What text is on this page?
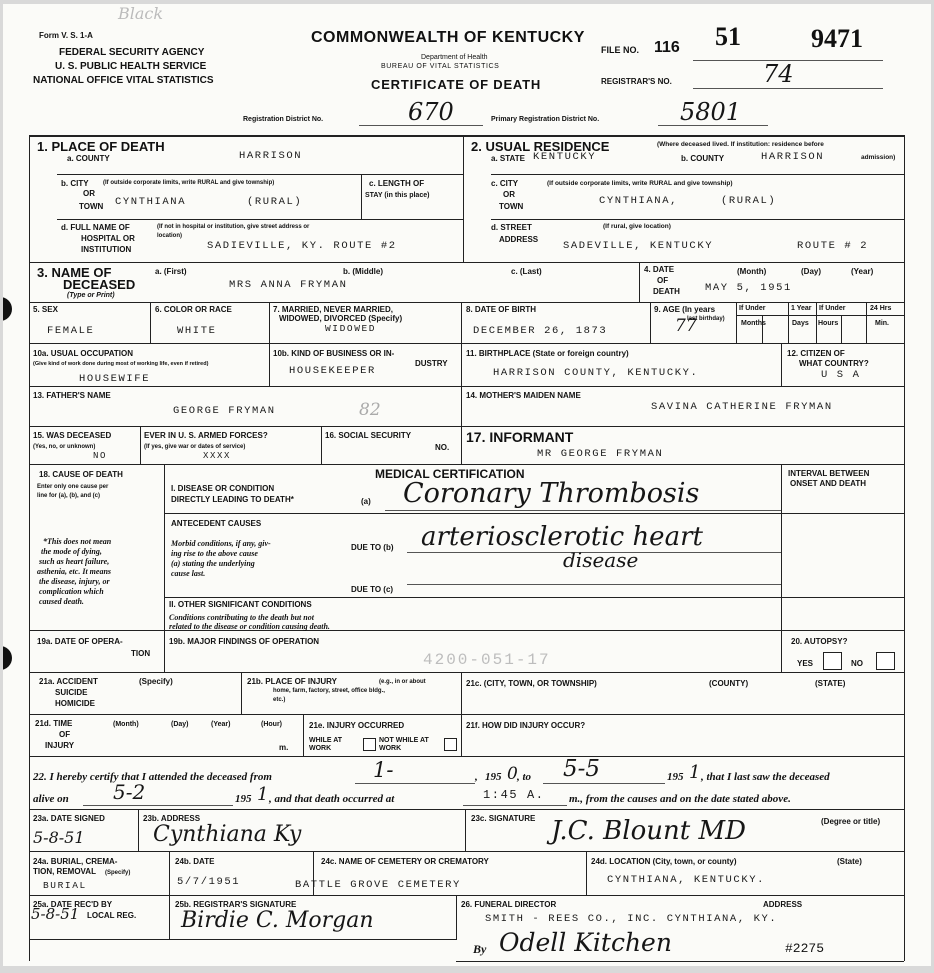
Black
Form V. S. 1-A
FEDERAL SECURITY AGENCY
U. S. PUBLIC HEALTH SERVICE
NATIONAL OFFICE VITAL STATISTICS
COMMONWEALTH OF KENTUCKY
Department of Health
BUREAU OF VITAL STATISTICS
CERTIFICATE OF DEATH
FILE NO. 116 51	9471
REGISTRAR'S NO.	74
Registration District No.	670	Primary Registration District No.	5801
1. PLACE OF DEATH
a. COUNTY	HARRISON
b. CITY
OR
TOWN
(If outside corporate limits, write RURAL and give township)
CYNTHIANA	(RURAL)
c. LENGTH OF
STAY (in this place)
d. FULL NAME OF
HOSPITAL OR
INSTITUTION
(If not in hospital or institution, give street address or
location)
SADIEVILLE, KY. ROUTE #2
2. USUAL RESIDENCE	(Where deceased lived. If institution: residence before
admission)
a. STATE KENTUCKY	b. COUNTY	HARRISON
c. CITY
OR
TOWN
(If outside corporate limits, write RURAL and give township)
CYNTHIANA,	(RURAL)
d. STREET
ADDRESS
(If rural, give location)
SADEVILLE, KENTUCKY	ROUTE # 2
3. NAME OF
DECEASED
(Type or Print)
a. (First)	b. (Middle)	c. (Last)
MRS ANNA FRYMAN
4. DATE
OF
DEATH
(Month)	(Day)	(Year)
MAY 5, 1951
5. SEX
FEMALE
6. COLOR OR RACE
WHITE
7. MARRIED, NEVER MARRIED,
WIDOWED, DIVORCED (Specify)
WIDOWED
8. DATE OF BIRTH
DECEMBER 26, 1873
9. AGE (In years
last birthday)
77
If Under	1 Year
Months	Days
If Under	24 Hrs
Hours	Min.
10a. USUAL OCCUPATION
(Give kind of work done during most of working life, even if retired)
HOUSEWIFE
10b. KIND OF BUSINESS OR IN-
DUSTRY
HOUSEKEEPER
11. BIRTHPLACE (State or foreign country)
HARRISON COUNTY, KENTUCKY.
12. CITIZEN OF
WHAT COUNTRY?
U S A
13. FATHER'S NAME
GEORGE FRYMAN	82
14. MOTHER'S MAIDEN NAME
SAVINA CATHERINE FRYMAN
15. WAS DECEASED	EVER IN U. S. ARMED FORCES?
(Yes, no, or unknown)	(If yes, give war or dates of service)
NO	XXXX
16. SOCIAL SECURITY
NO.
17. INFORMANT
MR GEORGE FRYMAN
MEDICAL CERTIFICATION
18. CAUSE OF DEATH
Enter only one cause per
line for (a), (b), and (c)
*This does not mean
the mode of dying,
such as heart failure,
asthenia, etc. It means
the disease, injury, or
complication which
caused death.
INTERVAL BETWEEN
ONSET AND DEATH
I. DISEASE OR CONDITION
DIRECTLY LEADING TO DEATH*	(a) Coronary Thrombosis
ANTECEDENT CAUSES
Morbid conditions, if any, giv-
ing rise to the above cause
(a) stating the underlying
cause last.
DUE TO (b) arteriosclerotic heart
disease
DUE TO (c)
II. OTHER SIGNIFICANT CONDITIONS
Conditions contributing to the death but not
related to the disease or condition causing death.
19a. DATE OF OPERA-
TION
19b. MAJOR FINDINGS OF OPERATION
4200-051-17
20. AUTOPSY?
YES	NO
21a. ACCIDENT
SUICIDE
HOMICIDE
(Specify)	21b. PLACE OF INJURY	(e.g., in or about
home, farm, factory, street, office bldg.,
etc.)
21c. (CITY, TOWN, OR TOWNSHIP)	(COUNTY)	(STATE)
21d. TIME
OF
INJURY
(Month)	(Day)	(Year)	(Hour)
m.
21e. INJURY OCCURRED
WHILE AT WORK
NOT WHILE AT WORK
21f. HOW DID INJURY OCCUR?
22. I hereby certify that I attended the deceased from	1-	, 195 0 , to 5-5	195 1 , that I last saw the deceased
alive on 5-2	195 1 , and that death occurred at	1:45 A. m., from the causes and on the date stated above.
23a. DATE SIGNED
5-8-51
23b. ADDRESS
Cynthiana Ky
23c. SIGNATURE	(Degree or title)
J.C. Blount MD
24a. BURIAL, CREMA-
TION, REMOVAL (Specify)
BURIAL
24b. DATE
5/7/1951
24c. NAME OF CEMETERY OR CREMATORY
BATTLE GROVE CEMETERY
24d. LOCATION (City, town, or county)	(State)
CYNTHIANA, KENTUCKY.
25a. DATE REC'D BY
LOCAL REG.
5-8-51
25b. REGISTRAR'S SIGNATURE
Birdie C. Morgan
26. FUNERAL DIRECTOR	ADDRESS
SMITH - REES CO., INC. CYNTHIANA, KY.
By Odell Kitchen	#2275
